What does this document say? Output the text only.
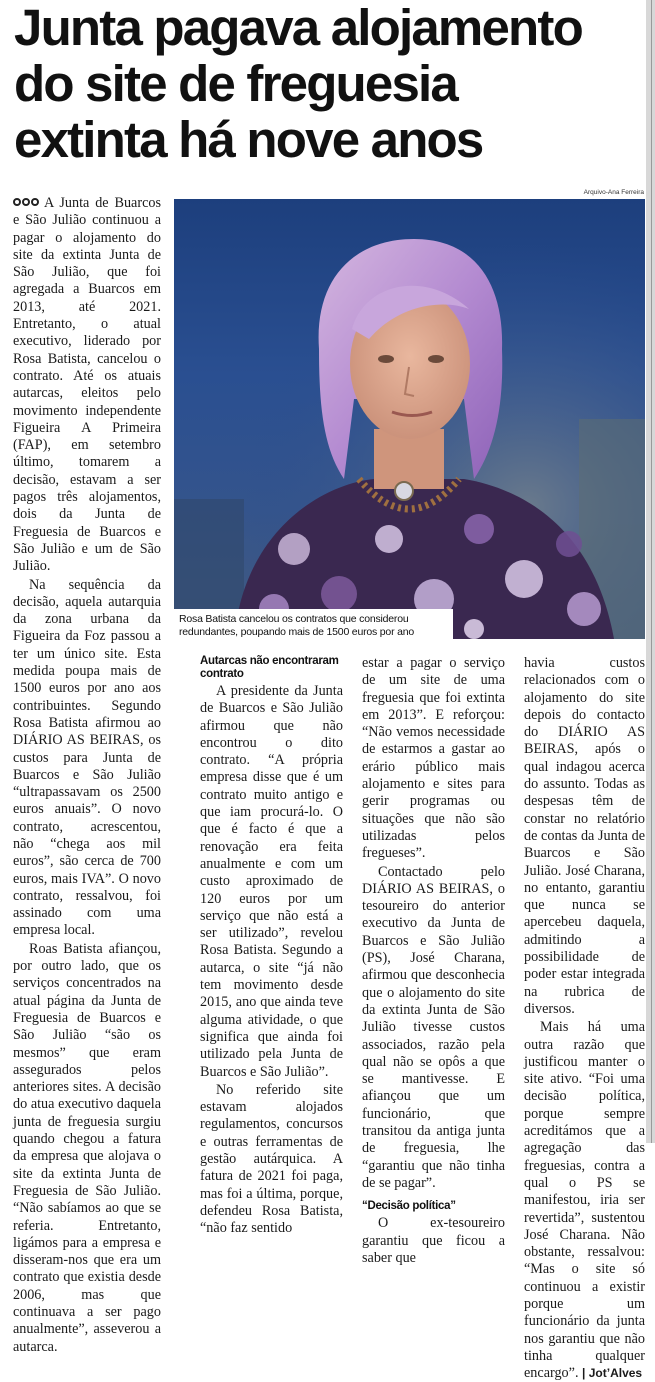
Junta pagava alojamento
do site de freguesia
extinta há nove anos

A Junta de Buarcos e São Julião continuou a pagar o alojamento do site da extinta Junta de São Julião, que foi agregada a Buarcos em 2013, até 2021. Entretanto, o atual executivo, liderado por Rosa Batista, cancelou o contrato. Até os atuais autarcas, eleitos pelo movimento independente Figueira A Primeira (FAP), em setembro último, tomarem a decisão, estavam a ser pagos três alojamentos, dois da Junta de Freguesia de Buarcos e São Julião e um de São Julião.

Na sequência da decisão, aquela autarquia da zona urbana da Figueira da Foz passou a ter um único site. Esta medida poupa mais de 1500 euros por ano aos contribuintes. Segundo Rosa Batista afirmou ao DIÁRIO AS BEIRAS, os custos para Junta de Buarcos e São Julião “ultrapassavam os 2500 euros anuais”. O novo contrato, acrescentou, não “chega aos mil euros”, são cerca de 700 euros, mais IVA”. O novo contrato, ressalvou, foi assinado com uma empresa local.

Roas Batista afiançou, por outro lado, que os serviços concentrados na atual página da Junta de Freguesia de Buarcos e São Julião “são os mesmos” que eram assegurados pelos anteriores sites. A decisão do atua executivo daquela junta de freguesia surgiu quando chegou a fatura da empresa que alojava o site da extinta Junta de Freguesia de São Julião. “Não sabíamos ao que se referia. Entretanto, ligámos para a empresa e disseram-nos que era um contrato que existia desde 2006, mas que continuava a ser pago anualmente”, asseverou a autarca.

Arquivo-Ana Ferreira
Rosa Batista cancelou os contratos que considerou redundantes, poupando mais de 1500 euros por ano
Autarcas não encontraram contrato

A presidente da Junta de Buarcos e São Julião afirmou que não encontrou o dito contrato. “A própria empresa disse que é um contrato muito antigo e que iam procurá-lo. O que é facto é que a renovação era feita anualmente e com um custo aproximado de 120 euros por um serviço que não está a ser utilizado”, revelou Rosa Batista. Segundo a autarca, o site “já não tem movimento desde 2015, ano que ainda teve alguma atividade, o que significa que ainda foi utilizado pela Junta de Buarcos e São Julião”.

No referido site estavam alojados regulamentos, concursos e outras ferramentas de gestão autárquica. A fatura de 2021 foi paga, mas foi a última, porque, defendeu Rosa Batista, “não faz sentido

estar a pagar o serviço de um site de uma freguesia que foi extinta em 2013”. E reforçou: “Não vemos necessidade de estarmos a gastar ao erário público mais alojamento e sites para gerir programas ou situações que não são utilizadas pelos fregueses”.

Contactado pelo DIÁRIO AS BEIRAS, o tesoureiro do anterior executivo da Junta de Buarcos e São Julião (PS), José Charana, afirmou que desconhecia que o alojamento do site da extinta Junta de São Julião tivesse custos associados, razão pela qual não se opôs a que se mantivesse. E afiançou que um funcionário, que transitou da antiga junta de freguesia, lhe “garantiu que não tinha de se pagar”.

“Decisão política”

O ex-tesoureiro garantiu que ficou a saber que

havia custos relacionados com o alojamento do site depois do contacto do DIÁRIO AS BEIRAS, após o qual indagou acerca do assunto. Todas as despesas têm de constar no relatório de contas da Junta de Buarcos e São Julião. José Charana, no entanto, garantiu que nunca se apercebeu daquela, admitindo a possibilidade de poder estar integrada na rubrica de diversos.

Mais há uma outra razão que justificou manter o site ativo. “Foi uma decisão política, porque sempre acreditámos que a agregação das freguesias, contra a qual o PS se manifestou, iria ser revertida”, sustentou José Charana. Não obstante, ressalvou: “Mas o site só continuou a existir porque um funcionário da junta nos garantiu que não tinha qualquer encargo”. | Jot’Alves
